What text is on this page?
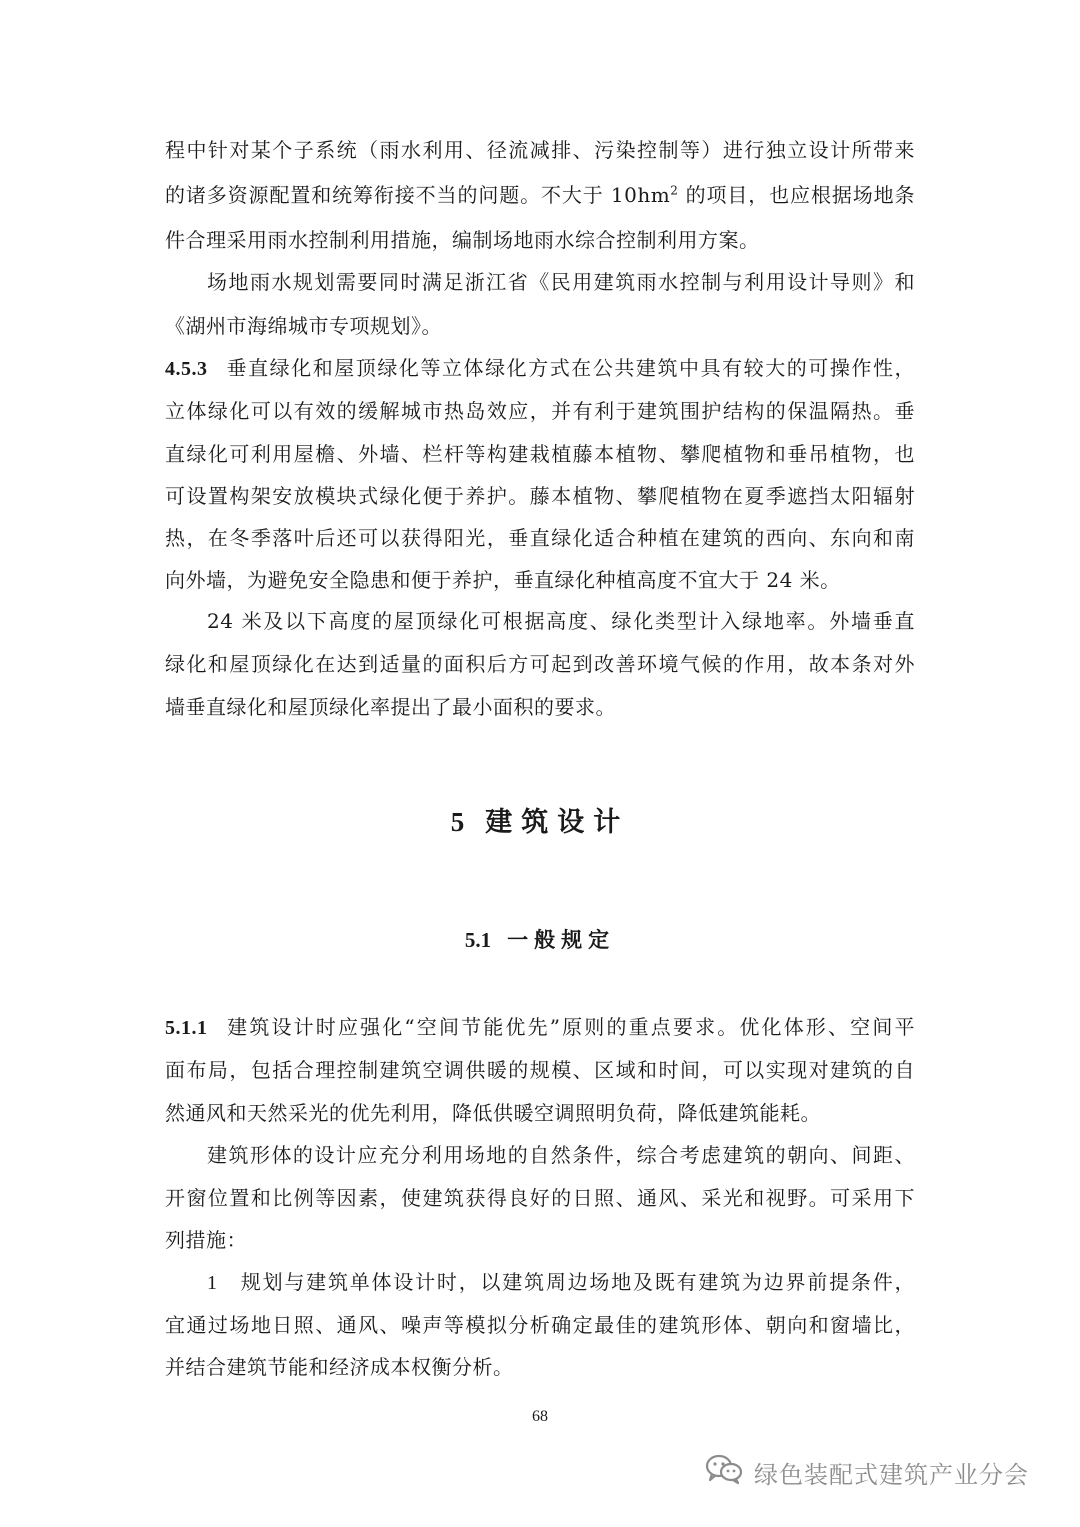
程中针对某个子系统（雨水利用、径流减排、污染控制等）进行独立设计所带来
的诸多资源配置和统筹衔接不当的问题。不大于 $10hm^2$ 的项目，也应根据场地条
件合理采用雨水控制利用措施，编制场地雨水综合控制利用方案。
场地雨水规划需要同时满足浙江省《民用建筑雨水控制与利用设计导则》和
《湖州市海绵城市专项规划》。
4.5.3 垂直绿化和屋顶绿化等立体绿化方式在公共建筑中具有较大的可操作性，
立体绿化可以有效的缓解城市热岛效应，并有利于建筑围护结构的保温隔热。垂
直绿化可利用屋檐、外墙、栏杆等构建栽植藤本植物、攀爬植物和垂吊植物，也
可设置构架安放模块式绿化便于养护。藤本植物、攀爬植物在夏季遮挡太阳辐射
热，在冬季落叶后还可以获得阳光，垂直绿化适合种植在建筑的西向、东向和南
向外墙，为避免安全隐患和便于养护，垂直绿化种植高度不宜大于 24 米。
24 米及以下高度的屋顶绿化可根据高度、绿化类型计入绿地率。外墙垂直
绿化和屋顶绿化在达到适量的面积后方可起到改善环境气候的作用，故本条对外
墙垂直绿化和屋顶绿化率提出了最小面积的要求。
5 建筑设计
5.1 一般规定
5.1.1 建筑设计时应强化“空间节能优先”原则的重点要求。优化体形、空间平
面布局，包括合理控制建筑空调供暖的规模、区域和时间，可以实现对建筑的自
然通风和天然采光的优先利用，降低供暖空调照明负荷，降低建筑能耗。
建筑形体的设计应充分利用场地的自然条件，综合考虑建筑的朝向、间距、
开窗位置和比例等因素，使建筑获得良好的日照、通风、采光和视野。可采用下
列措施：
1 规划与建筑单体设计时，以建筑周边场地及既有建筑为边界前提条件，
宜通过场地日照、通风、噪声等模拟分析确定最佳的建筑形体、朝向和窗墙比，
并结合建筑节能和经济成本权衡分析。
68
绿色装配式建筑产业分会
